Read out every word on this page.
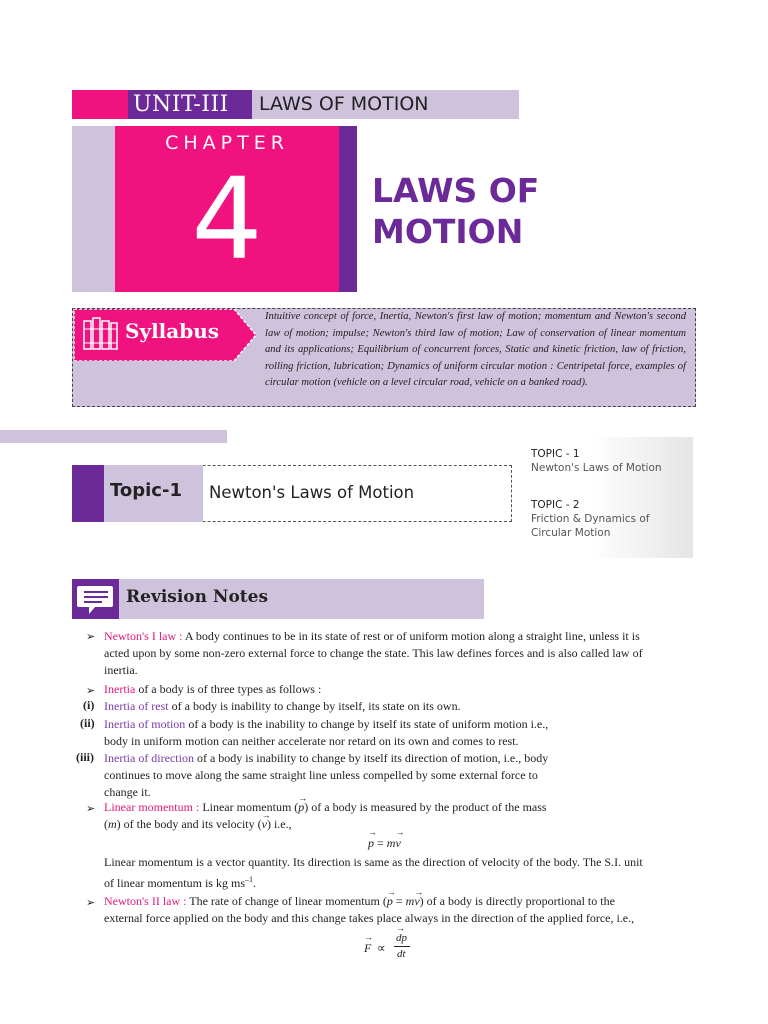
UNIT-III LAWS OF MOTION
CHAPTER
4	LAWS OF
MOTION
Syllabus
Intuitive concept of force, Inertia, Newton's first law of motion; momentum and Newton's second law of motion; impulse; Newton's third law of motion; Law of conservation of linear momentum and its applications; Equilibrium of concurrent forces, Static and kinetic friction, law of friction, rolling friction, lubrication; Dynamics of uniform circular motion : Centripetal force, examples of circular motion (vehicle on a level circular road, vehicle on a banked road).
Topic-1 Newton's Laws of Motion
TOPIC - 1
Newton's Laws of Motion
TOPIC - 2
Friction & Dynamics of
Circular Motion
Revision Notes
➢ Newton's I law : A body continues to be in its state of rest or of uniform motion along a straight line, unless it is
acted upon by some non-zero external force to change the state. This law defines forces and is also called law of
inertia.
➢ Inertia of a body is of three types as follows :
(i) Inertia of rest of a body is inability to change by itself, its state on its own.
(ii) Inertia of motion of a body is the inability to change by itself its state of uniform motion i.e.,
body in uniform motion can neither accelerate nor retard on its own and comes to rest.
(iii) Inertia of direction of a body is inability to change by itself its direction of motion, i.e., body
continues to move along the same straight line unless compelled by some external force to
change it.
➢ Linear momentum : Linear momentum (→ p) of a body is measured by the product of the mass
(m) of the body and its velocity (→ v) i.e.,
→ p = m→ v
Linear momentum is a vector quantity. Its direction is same as the direction of velocity of the body. The S.I. unit
of linear momentum is kg $ms^{-1}$.
➢ Newton's II law : The rate of change of linear momentum (→ p = m→ v) of a body is directly proportional to the
external force applied on the body and this change takes place always in the direction of the applied force, i.e.,
→ F ∝
→ dp
dt
